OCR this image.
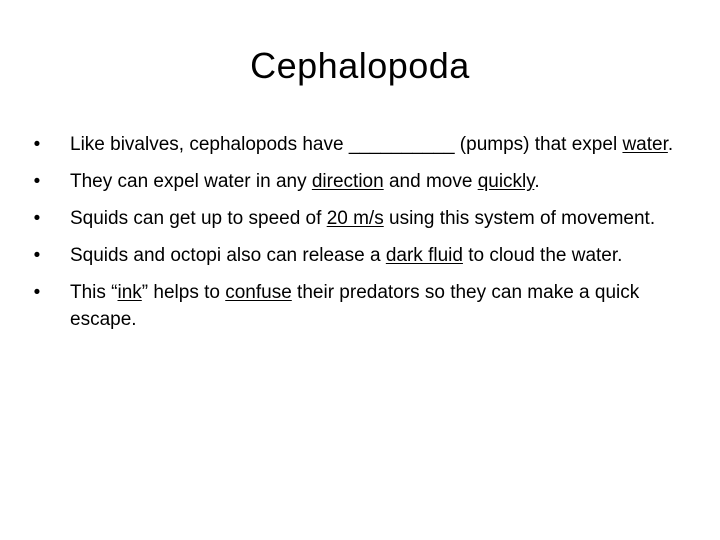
Cephalopoda
• Like bivalves, cephalopods have __________ (pumps) that expel water.
• They can expel water in any direction and move quickly.
• Squids can get up to speed of 20 m/s using this system of movement.
• Squids and octopi also can release a dark fluid to cloud the water.
• This “ink” helps to confuse their predators so they can make a quick escape.
